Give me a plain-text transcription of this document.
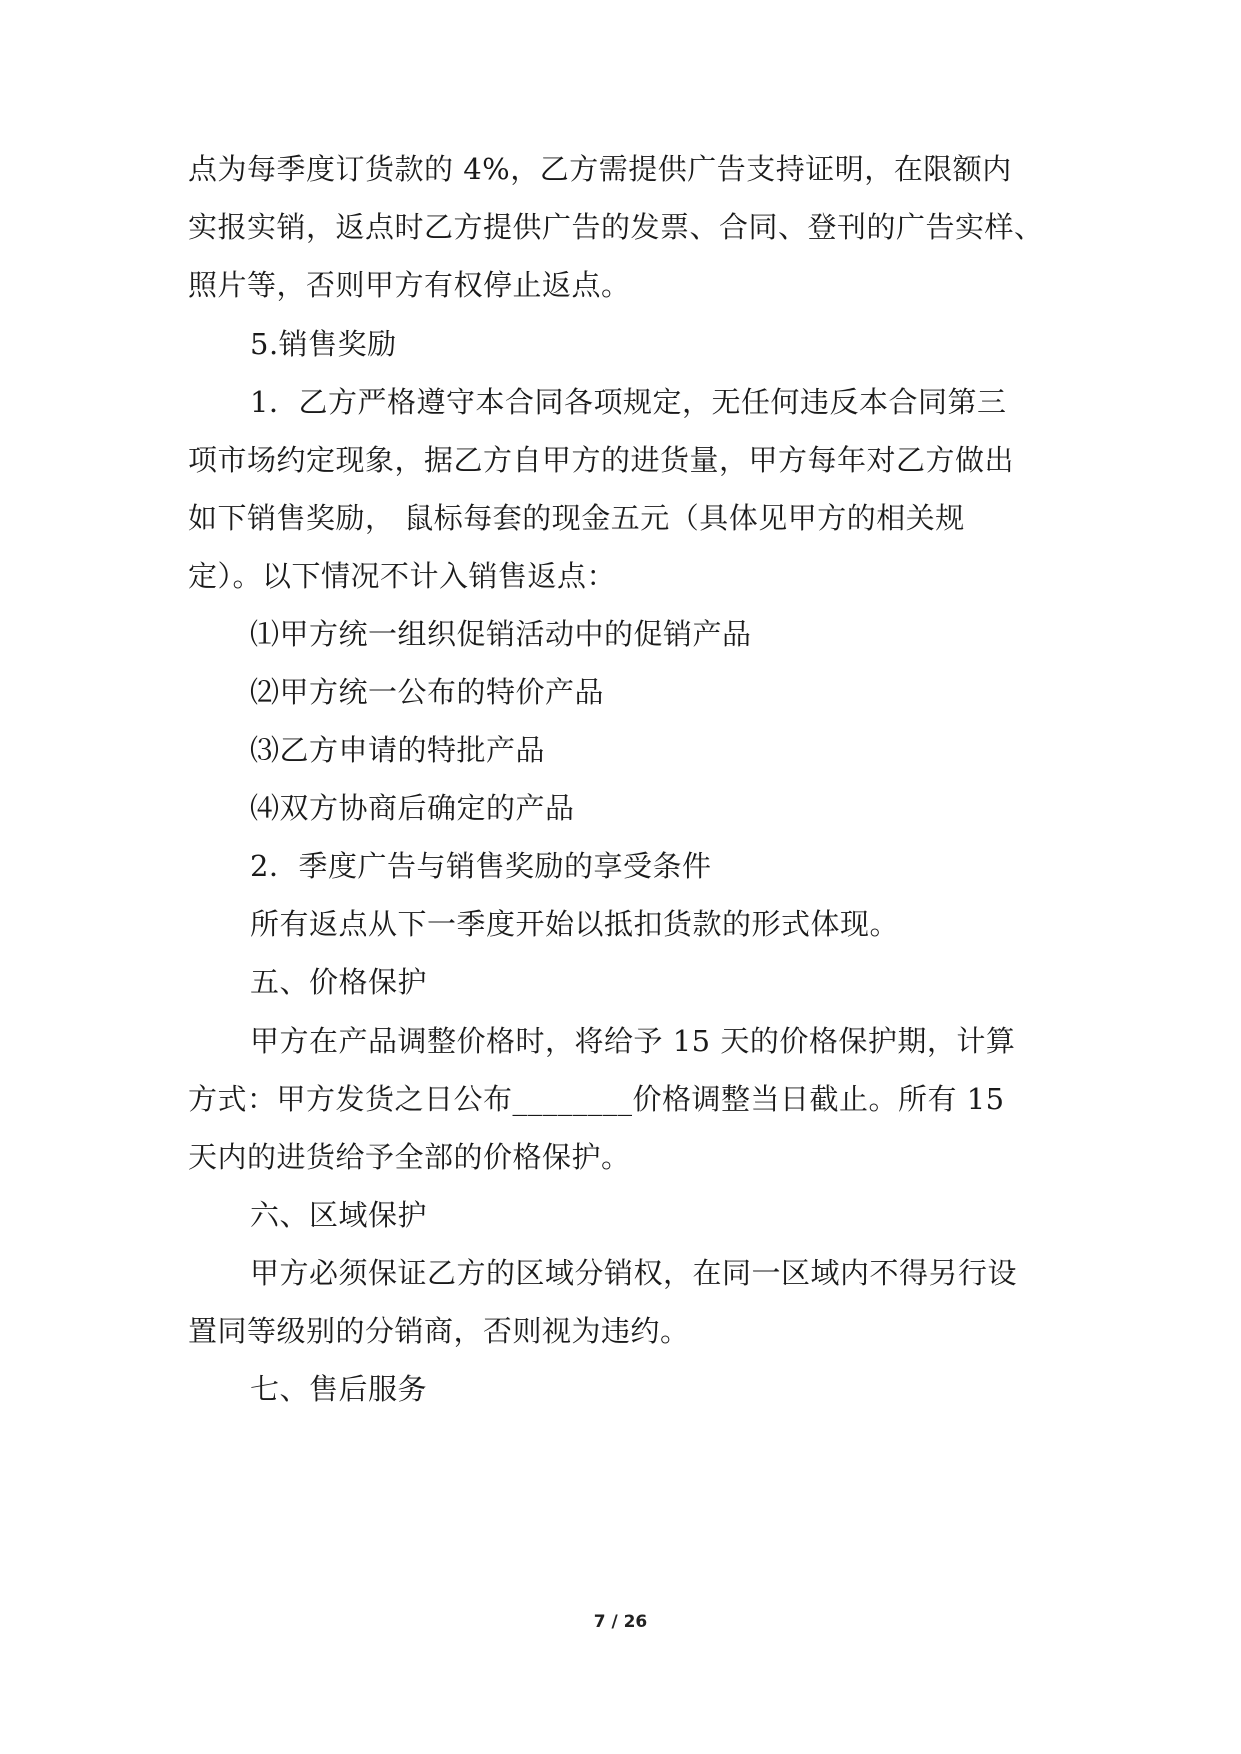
点为每季度订货款的 4%，乙方需提供广告支持证明，在限额内
实报实销，返点时乙方提供广告的发票、合同、登刊的广告实样、
照片等，否则甲方有权停止返点。
5.销售奖励
1．乙方严格遵守本合同各项规定，无任何违反本合同第三
项市场约定现象，据乙方自甲方的进货量，甲方每年对乙方做出
如下销售奖励， 鼠标每套的现金五元（具体见甲方的相关规
定）。以下情况不计入销售返点：
⑴甲方统一组织促销活动中的促销产品
⑵甲方统一公布的特价产品
⑶乙方申请的特批产品
⑷双方协商后确定的产品
2．季度广告与销售奖励的享受条件
所有返点从下一季度开始以抵扣货款的形式体现。
五、价格保护
甲方在产品调整价格时，将给予 15 天的价格保护期，计算
方式：甲方发货之日公布________价格调整当日截止。所有 15
天内的进货给予全部的价格保护。
六、区域保护
甲方必须保证乙方的区域分销权，在同一区域内不得另行设
置同等级别的分销商，否则视为违约。
七、售后服务
7 / 26
